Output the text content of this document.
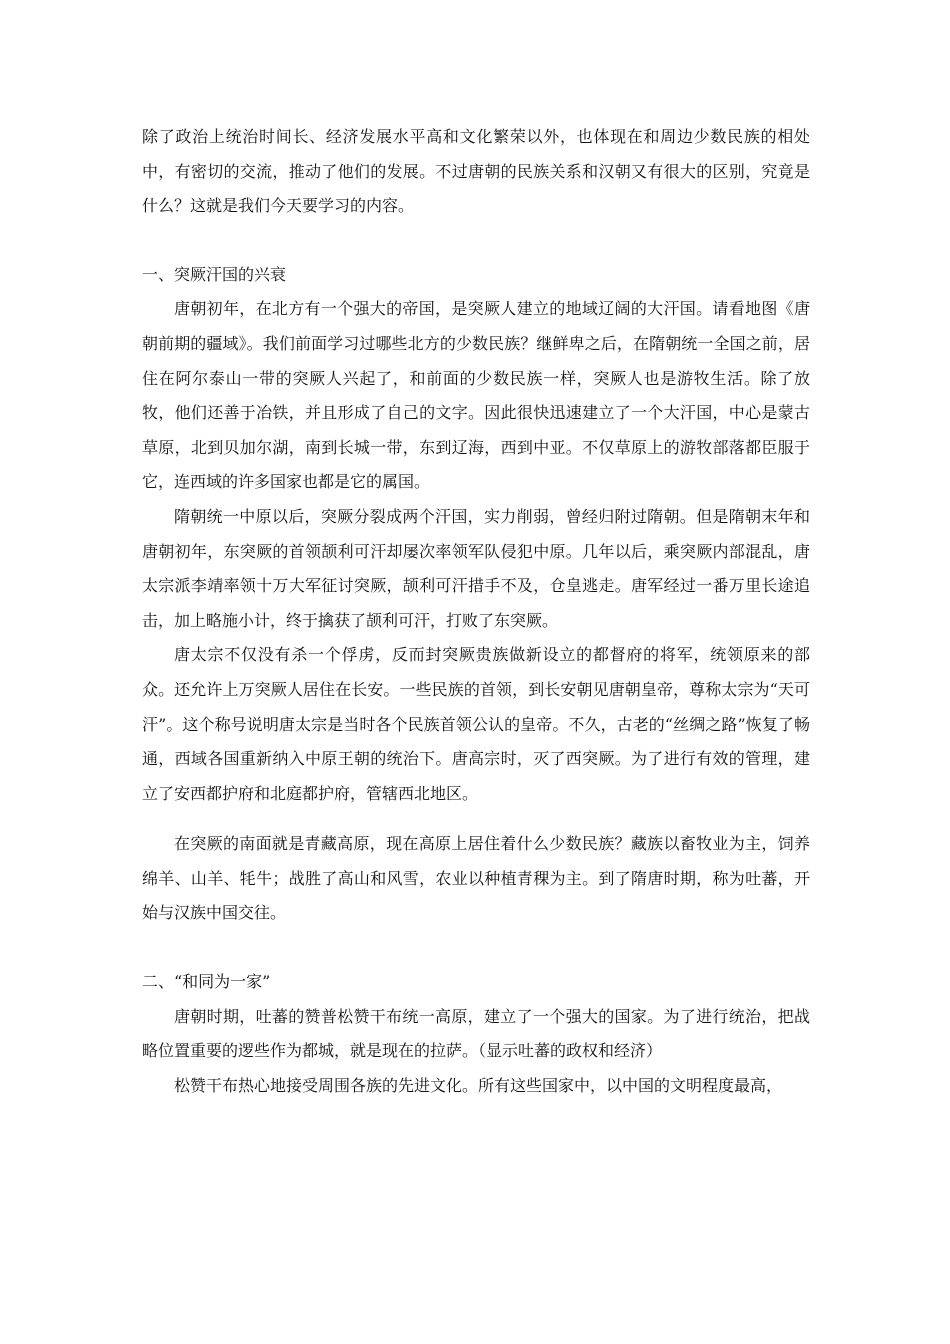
除了政治上统治时间长、经济发展水平高和文化繁荣以外，也体现在和周边少数民族的相处中，有密切的交流，推动了他们的发展。不过唐朝的民族关系和汉朝又有很大的区别，究竟是什么？这就是我们今天要学习的内容。

一、突厥汗国的兴衰

唐朝初年，在北方有一个强大的帝国，是突厥人建立的地域辽阔的大汗国。请看地图《唐朝前期的疆域》。我们前面学习过哪些北方的少数民族？继鲜卑之后，在隋朝统一全国之前，居住在阿尔泰山一带的突厥人兴起了，和前面的少数民族一样，突厥人也是游牧生活。除了放牧，他们还善于冶铁，并且形成了自己的文字。因此很快迅速建立了一个大汗国，中心是蒙古草原，北到贝加尔湖，南到长城一带，东到辽海，西到中亚。不仅草原上的游牧部落都臣服于它，连西域的许多国家也都是它的属国。

隋朝统一中原以后，突厥分裂成两个汗国，实力削弱，曾经归附过隋朝。但是隋朝末年和唐朝初年，东突厥的首领颉利可汗却屡次率领军队侵犯中原。几年以后，乘突厥内部混乱，唐太宗派李靖率领十万大军征讨突厥，颉利可汗措手不及，仓皇逃走。唐军经过一番万里长途追击，加上略施小计，终于擒获了颉利可汗，打败了东突厥。

唐太宗不仅没有杀一个俘虏，反而封突厥贵族做新设立的都督府的将军，统领原来的部众。还允许上万突厥人居住在长安。一些民族的首领，到长安朝见唐朝皇帝，尊称太宗为“天可汗”。这个称号说明唐太宗是当时各个民族首领公认的皇帝。不久，古老的“丝绸之路”恢复了畅通，西域各国重新纳入中原王朝的统治下。唐高宗时，灭了西突厥。为了进行有效的管理，建立了安西都护府和北庭都护府，管辖西北地区。

在突厥的南面就是青藏高原，现在高原上居住着什么少数民族？藏族以畜牧业为主，饲养绵羊、山羊、牦牛；战胜了高山和风雪，农业以种植青稞为主。到了隋唐时期，称为吐蕃，开始与汉族中国交往。

二、“和同为一家”

唐朝时期，吐蕃的赞普松赞干布统一高原，建立了一个强大的国家。为了进行统治，把战略位置重要的逻些作为都城，就是现在的拉萨。（显示吐蕃的政权和经济）

松赞干布热心地接受周围各族的先进文化。所有这些国家中，以中国的文明程度最高，
